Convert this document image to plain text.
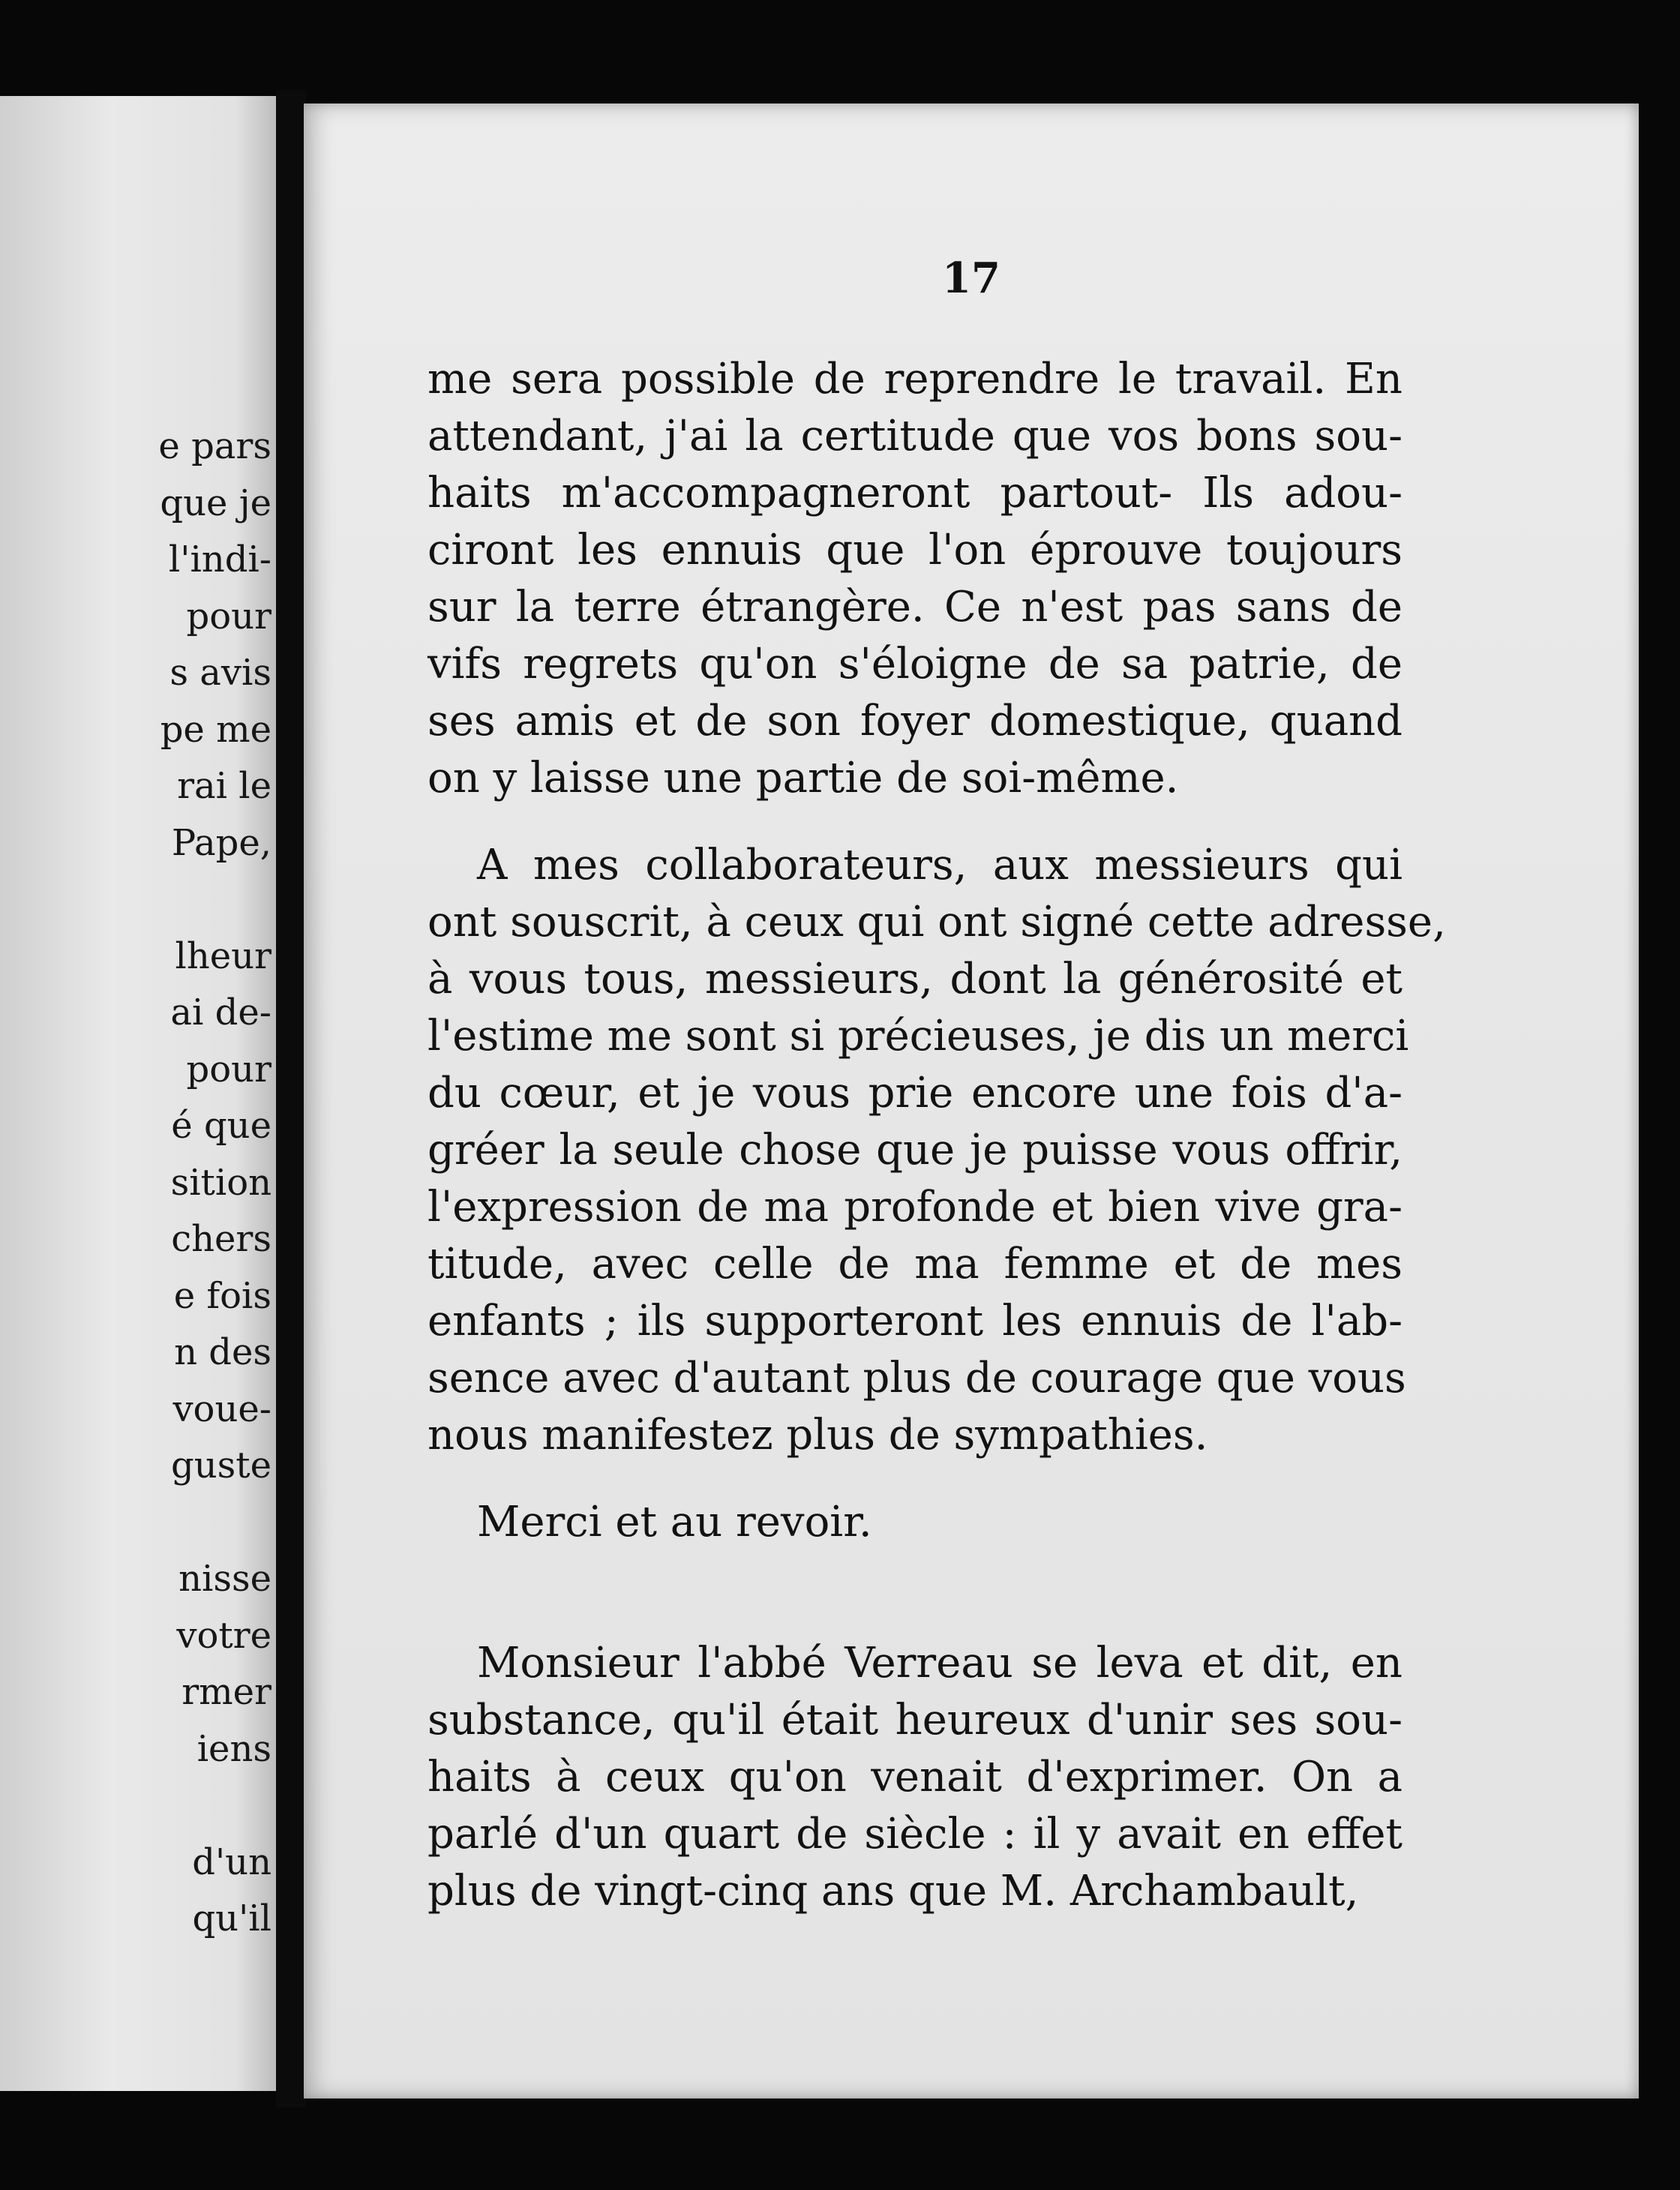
e pars
que je
l'indi-
pour
s avis
pe me
rai le
Pape,
lheur
ai de-
pour
é que
sition
chers
e fois
n des
voue-
guste
nisse
votre
rmer
iens
d'un
qu'il
17
me sera possible de reprendre le travail. En
attendant, j'ai la certitude que vos bons sou-
haits m'accompagneront partout- Ils adou-
ciront les ennuis que l'on éprouve toujours
sur la terre étrangère. Ce n'est pas sans de
vifs regrets qu'on s'éloigne de sa patrie, de
ses amis et de son foyer domestique, quand
on y laisse une partie de soi-même.
A mes collaborateurs, aux messieurs qui
ont souscrit, à ceux qui ont signé cette adresse,
à vous tous, messieurs, dont la générosité et
l'estime me sont si précieuses, je dis un merci
du cœur, et je vous prie encore une fois d'a-
gréer la seule chose que je puisse vous offrir,
l'expression de ma profonde et bien vive gra-
titude, avec celle de ma femme et de mes
enfants ; ils supporteront les ennuis de l'ab-
sence avec d'autant plus de courage que vous
nous manifestez plus de sympathies.
Merci et au revoir.
Monsieur l'abbé Verreau se leva et dit, en
substance, qu'il était heureux d'unir ses sou-
haits à ceux qu'on venait d'exprimer. On a
parlé d'un quart de siècle : il y avait en effet
plus de vingt-cinq ans que M. Archambault,
